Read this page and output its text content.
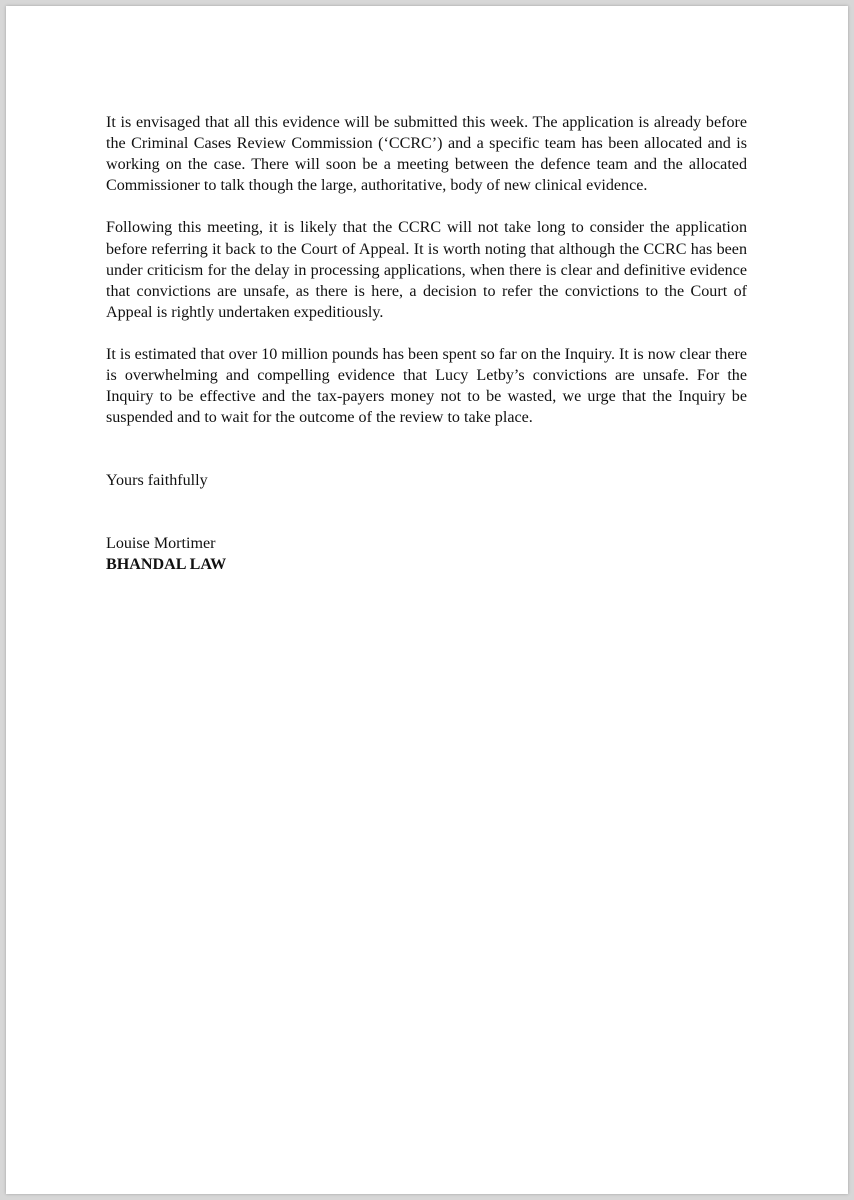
It is envisaged that all this evidence will be submitted this week. The application is already before the Criminal Cases Review Commission (‘CCRC’) and a specific team has been allocated and is working on the case. There will soon be a meeting between the defence team and the allocated Commissioner to talk though the large, authoritative, body of new clinical evidence.

Following this meeting, it is likely that the CCRC will not take long to consider the application before referring it back to the Court of Appeal. It is worth noting that although the CCRC has been under criticism for the delay in processing applications, when there is clear and definitive evidence that convictions are unsafe, as there is here, a decision to refer the convictions to the Court of Appeal is rightly undertaken expeditiously.

It is estimated that over 10 million pounds has been spent so far on the Inquiry. It is now clear there is overwhelming and compelling evidence that Lucy Letby’s convictions are unsafe. For the Inquiry to be effective and the tax-payers money not to be wasted, we urge that the Inquiry be suspended and to wait for the outcome of the review to take place.

Yours faithfully

Louise Mortimer

BHANDAL LAW
